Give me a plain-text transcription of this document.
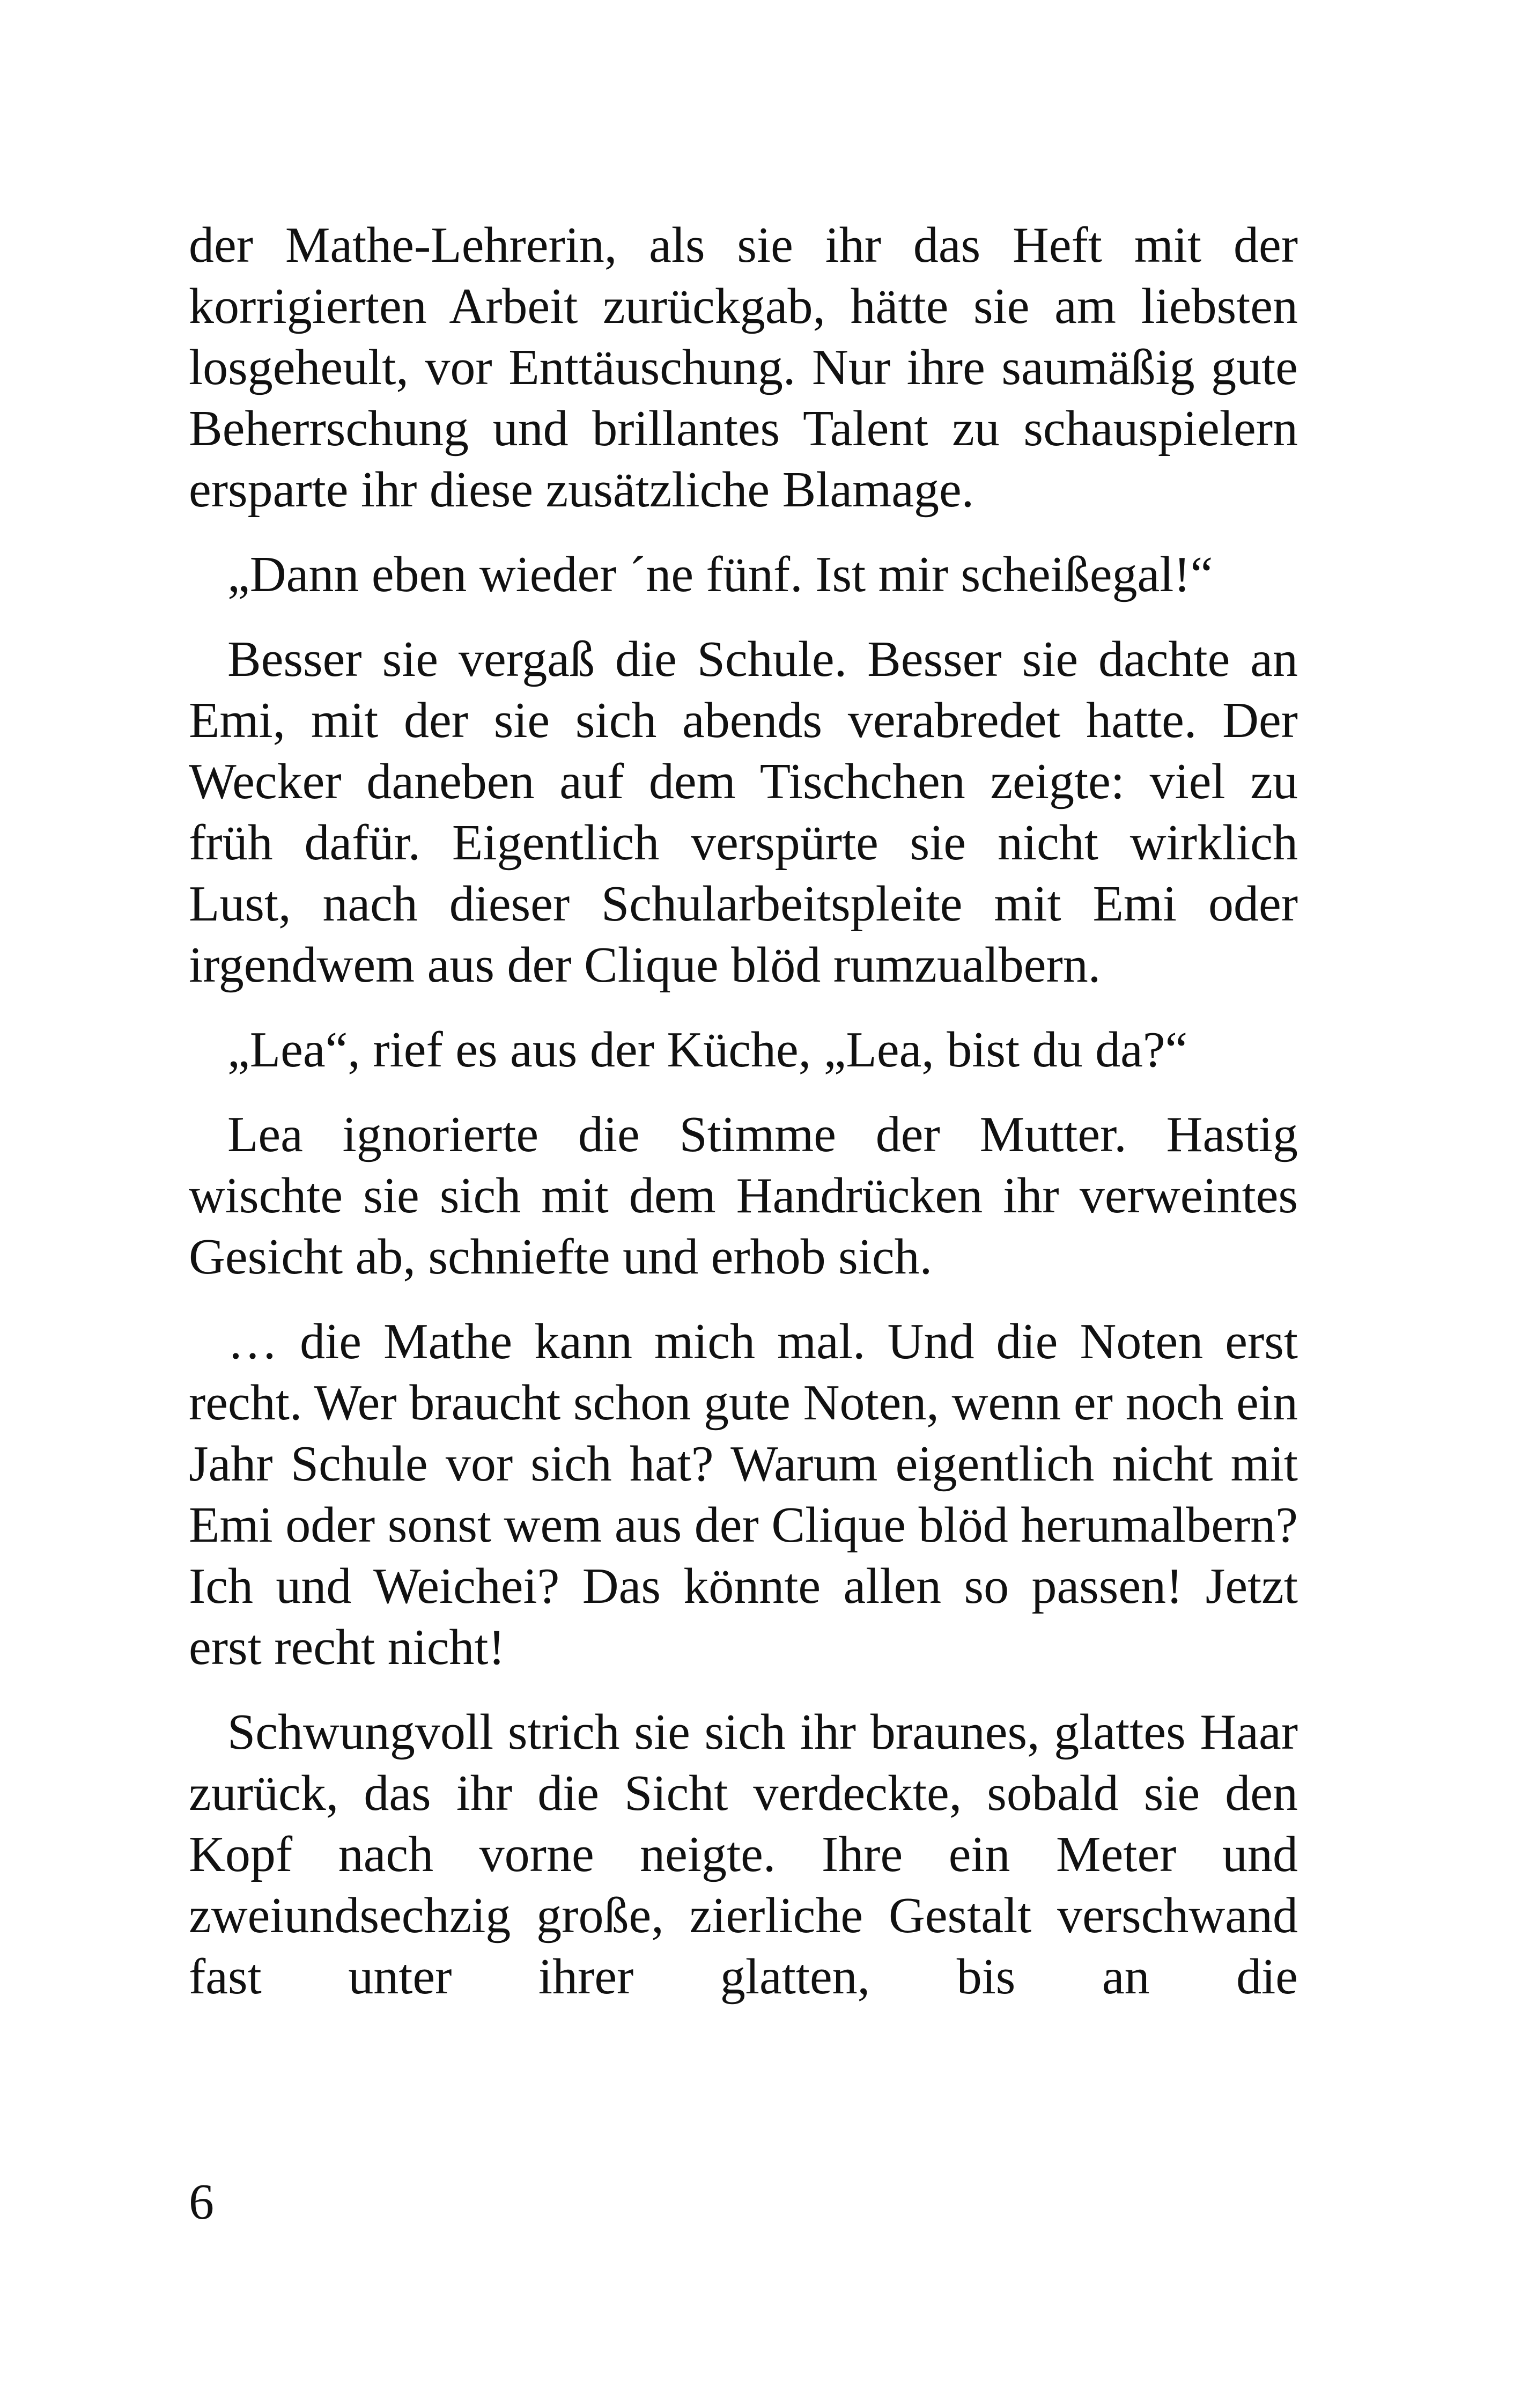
der Mathe-Lehrerin, als sie ihr das Heft mit der korrigierten Arbeit zurückgab, hätte sie am liebsten losgeheult, vor Enttäuschung. Nur ihre saumäßig gute Beherrschung und brillantes Talent zu schauspielern ersparte ihr diese zusätzliche Blamage.

„Dann eben wieder ´ne fünf. Ist mir scheißegal!“

Besser sie vergaß die Schule. Besser sie dachte an Emi, mit der sie sich abends verabredet hatte. Der Wecker daneben auf dem Tischchen zeigte: viel zu früh dafür. Eigentlich verspürte sie nicht wirklich Lust, nach dieser Schularbeitspleite mit Emi oder irgendwem aus der Clique blöd rumzualbern.

„Lea“, rief es aus der Küche, „Lea, bist du da?“

Lea ignorierte die Stimme der Mutter. Hastig wischte sie sich mit dem Handrücken ihr verweintes Gesicht ab, schniefte und erhob sich.

… die Mathe kann mich mal. Und die Noten erst recht. Wer braucht schon gute Noten, wenn er noch ein Jahr Schule vor sich hat? Warum eigentlich nicht mit Emi oder sonst wem aus der Clique blöd herumalbern? Ich und Weichei? Das könnte allen so passen! Jetzt erst recht nicht!

Schwungvoll strich sie sich ihr braunes, glattes Haar zurück, das ihr die Sicht verdeckte, sobald sie den Kopf nach vorne neigte. Ihre ein Meter und zweiundsechzig große, zierliche Gestalt verschwand fast unter ihrer glatten, bis an die

6
